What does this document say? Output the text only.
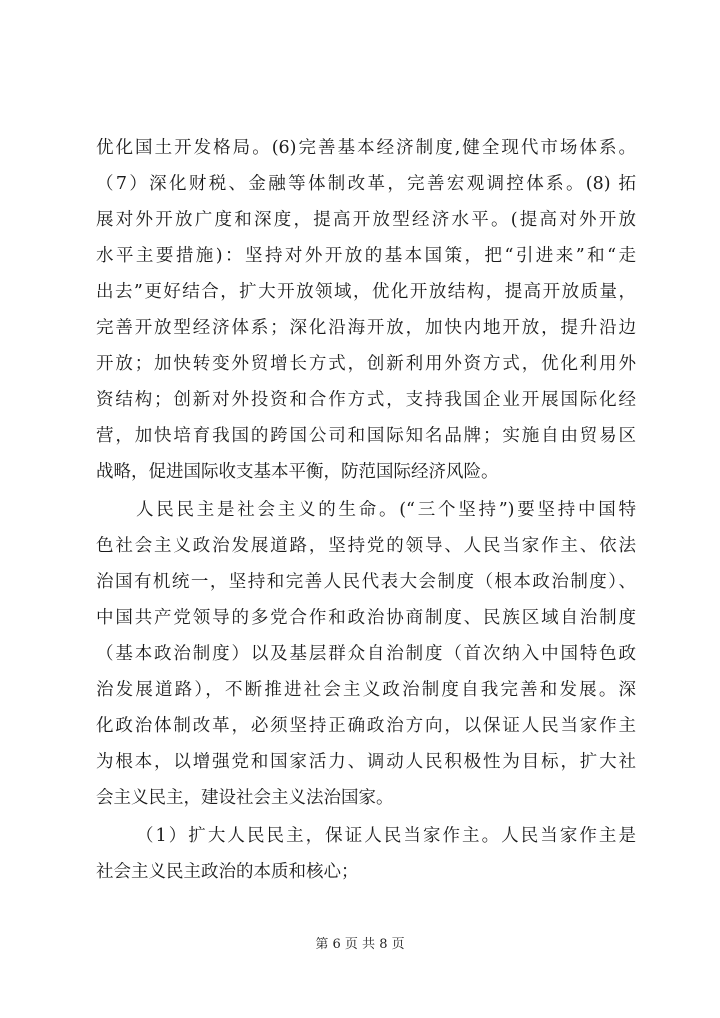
优化国土开发格局。(6)完善基本经济制度,健全现代市场体系。
（7）深化财税、金融等体制改革，完善宏观调控体系。(8) 拓
展对外开放广度和深度，提高开放型经济水平。(提高对外开放
水平主要措施)：坚持对外开放的基本国策，把“引进来”和“走
出去”更好结合，扩大开放领域，优化开放结构，提高开放质量，
完善开放型经济体系；深化沿海开放，加快内地开放，提升沿边
开放；加快转变外贸增长方式，创新利用外资方式，优化利用外
资结构；创新对外投资和合作方式，支持我国企业开展国际化经
营，加快培育我国的跨国公司和国际知名品牌；实施自由贸易区
战略，促进国际收支基本平衡，防范国际经济风险。
人民民主是社会主义的生命。(“三个坚持”)要坚持中国特
色社会主义政治发展道路，坚持党的领导、人民当家作主、依法
治国有机统一，坚持和完善人民代表大会制度（根本政治制度）、
中国共产党领导的多党合作和政治协商制度、民族区域自治制度
（基本政治制度）以及基层群众自治制度（首次纳入中国特色政
治发展道路），不断推进社会主义政治制度自我完善和发展。深
化政治体制改革，必须坚持正确政治方向，以保证人民当家作主
为根本，以增强党和国家活力、调动人民积极性为目标，扩大社
会主义民主，建设社会主义法治国家。
（1）扩大人民民主，保证人民当家作主。人民当家作主是
社会主义民主政治的本质和核心；
第 6 页 共 8 页
